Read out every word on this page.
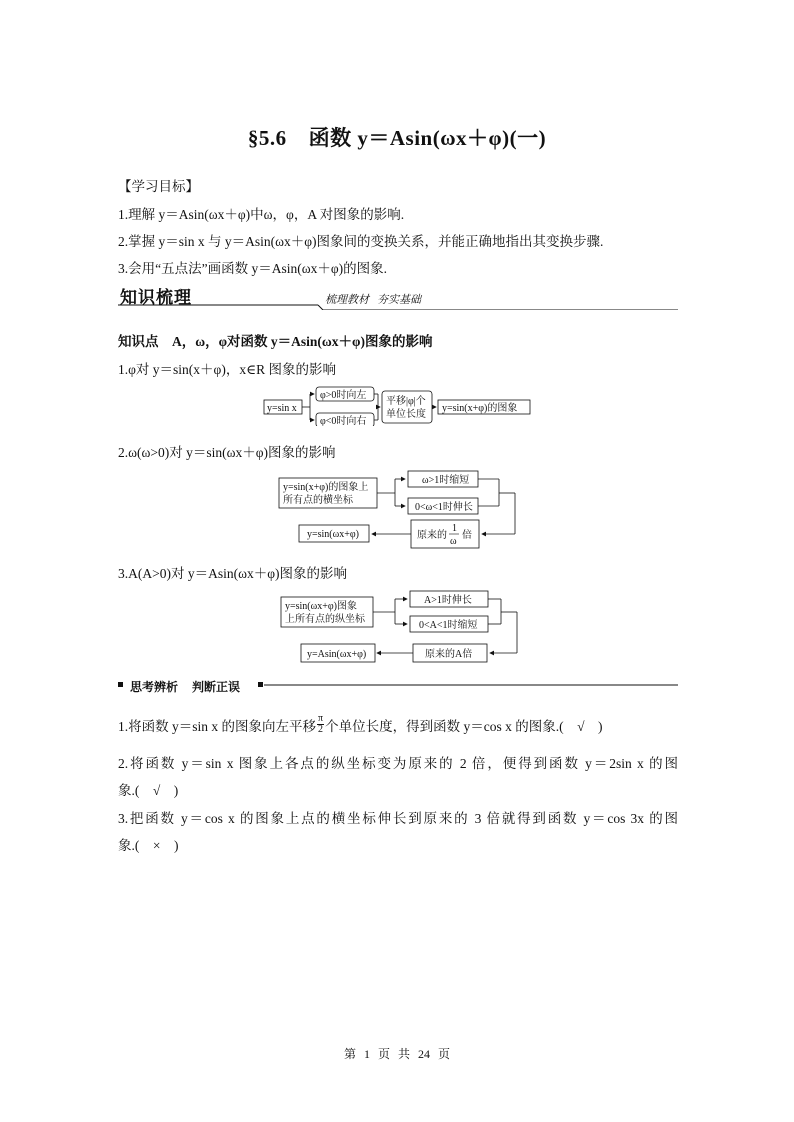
§5.6 函数 y＝Asin(ωx＋φ)(一)
【学习目标】
1.理解 y＝Asin(ωx＋φ)中ω，φ，A 对图象的影响.
2.掌握 y＝sin x 与 y＝Asin(ωx＋φ)图象间的变换关系，并能正确地指出其变换步骤.
3.会用“五点法”画函数 y＝Asin(ωx＋φ)的图象.
知识梳理	梳理教材 夯实基础
知识点　A，ω，φ对函数 y＝Asin(ωx＋φ)图象的影响
1.φ对 y＝sin(x＋φ)，x∈R 图象的影响
y=sin x
φ>0时向左
φ<0时向右
平移|φ|个
单位长度
y=sin(x+φ)的图象
2.ω(ω>0)对 y＝sin(ωx＋φ)图象的影响
y=sin(x+φ)的图象上
所有点的横坐标
ω>1时缩短
0<ω<1时伸长
原来的
1
ω
倍
y=sin(ωx+φ)
3.A(A>0)对 y＝Asin(ωx＋φ)图象的影响
y=sin(ωx+φ)图象
上所有点的纵坐标
A>1时伸长
0<A<1时缩短
原来的A倍
y=Asin(ωx+φ)
思考辨析 判断正误
1.将函数 y＝sin x 的图象向左平移 $\frac{\pi}{2}$ 个单位长度，得到函数 y＝cos x 的图象.(　√　)
2.将函数 y＝sin x 图象上各点的纵坐标变为原来的 2 倍，便得到函数 y＝2sin x 的图
象.(　√　)
3.把函数 y＝cos x 的图象上点的横坐标伸长到原来的 3 倍就得到函数 y＝cos 3x 的图
象.(　×　)
第 1 页 共 24 页
